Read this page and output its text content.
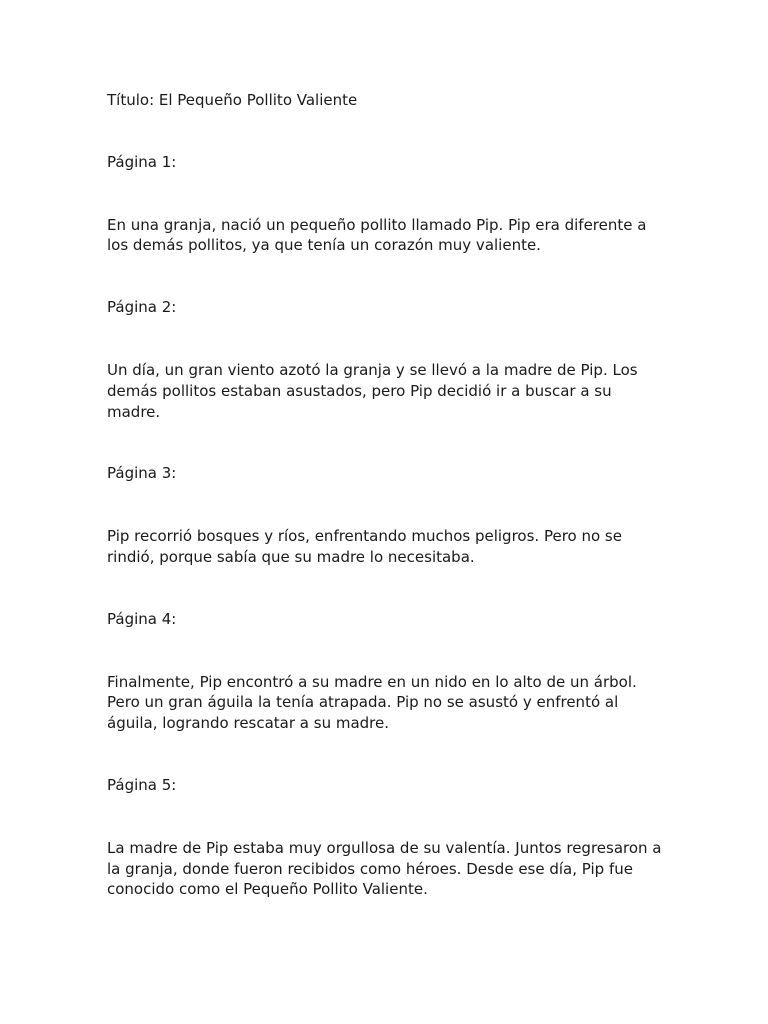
Título: El Pequeño Pollito Valiente

Página 1:

En una granja, nació un pequeño pollito llamado Pip. Pip era diferente a los demás pollitos, ya que tenía un corazón muy valiente.

Página 2:

Un día, un gran viento azotó la granja y se llevó a la madre de Pip. Los demás pollitos estaban asustados, pero Pip decidió ir a buscar a su madre.

Página 3:

Pip recorrió bosques y ríos, enfrentando muchos peligros. Pero no se rindió, porque sabía que su madre lo necesitaba.

Página 4:

Finalmente, Pip encontró a su madre en un nido en lo alto de un árbol. Pero un gran águila la tenía atrapada. Pip no se asustó y enfrentó al águila, logrando rescatar a su madre.

Página 5:

La madre de Pip estaba muy orgullosa de su valentía. Juntos regresaron a la granja, donde fueron recibidos como héroes. Desde ese día, Pip fue conocido como el Pequeño Pollito Valiente.
